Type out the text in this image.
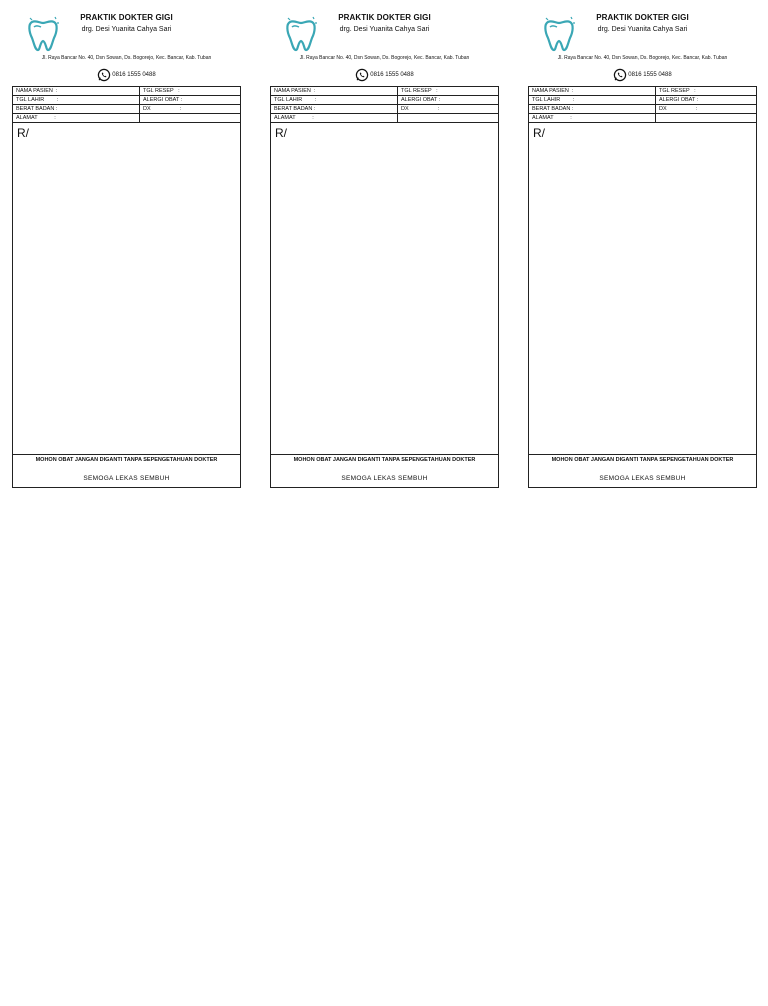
PRAKTIK DOKTER GIGI
drg. Desi Yuanita Cahya Sari
Jl. Raya Bancar No. 40, Dsn Sowan, Ds. Bogorejo, Kec. Bancar, Kab. Tuban
0816 1555 0488
NAMA PASIEN  :	TGL RESEP   :
TGL LAHIR        :	ALERGI OBAT :
BERAT BADAN :	DX                   :
ALAMAT           :
R/
MOHON OBAT JANGAN DIGANTI TANPA SEPENGETAHUAN DOKTER
SEMOGA LEKAS SEMBUH
PRAKTIK DOKTER GIGI
drg. Desi Yuanita Cahya Sari
Jl. Raya Bancar No. 40, Dsn Sowan, Ds. Bogorejo, Kec. Bancar, Kab. Tuban
0816 1555 0488
NAMA PASIEN  :	TGL RESEP   :
TGL LAHIR        :	ALERGI OBAT :
BERAT BADAN :	DX                   :
ALAMAT           :
R/
MOHON OBAT JANGAN DIGANTI TANPA SEPENGETAHUAN DOKTER
SEMOGA LEKAS SEMBUH
PRAKTIK DOKTER GIGI
drg. Desi Yuanita Cahya Sari
Jl. Raya Bancar No. 40, Dsn Sowan, Ds. Bogorejo, Kec. Bancar, Kab. Tuban
0816 1555 0488
NAMA PASIEN  :	TGL RESEP   :
TGL LAHIR        :	ALERGI OBAT :
BERAT BADAN :	DX                   :
ALAMAT           :
R/
MOHON OBAT JANGAN DIGANTI TANPA SEPENGETAHUAN DOKTER
SEMOGA LEKAS SEMBUH
